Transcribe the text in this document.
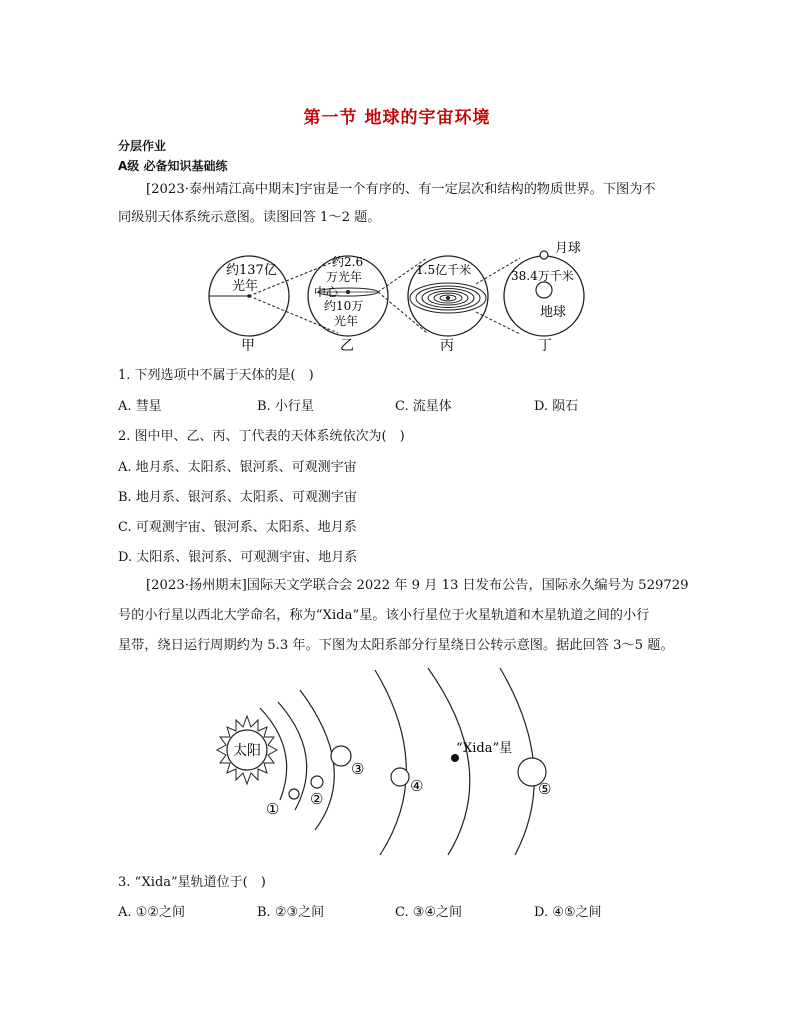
第一节 地球的宇宙环境
分层作业
A级 必备知识基础练
[2023·泰州靖江高中期末]宇宙是一个有序的、有一定层次和结构的物质世界。下图为不
同级别天体系统示意图。读图回答 1～2 题。
约137亿
光年
甲
约2.6
万光年
中心
约10万
光年
乙
1.5亿千米
丙
月球
38.4万千米
地球
丁
1. 下列选项中不属于天体的是(　)
A. 彗星	B. 小行星	C. 流星体	D. 陨石
2. 图中甲、乙、丙、丁代表的天体系统依次为(　)
A. 地月系、太阳系、银河系、可观测宇宙
B. 地月系、银河系、太阳系、可观测宇宙
C. 可观测宇宙、银河系、太阳系、地月系
D. 太阳系、银河系、可观测宇宙、地月系
[2023·扬州期末]国际天文学联合会 2022 年 9 月 13 日发布公告，国际永久编号为 529729
号的小行星以西北大学命名，称为“Xida”星。该小行星位于火星轨道和木星轨道之间的小行
星带，绕日运行周期约为 5.3 年。下图为太阳系部分行星绕日公转示意图。据此回答 3～5 题。
太阳
①
②
③
④
“Xida”星
⑤
3. “Xida”星轨道位于(　)
A. ①②之间	B. ②③之间	C. ③④之间	D. ④⑤之间
